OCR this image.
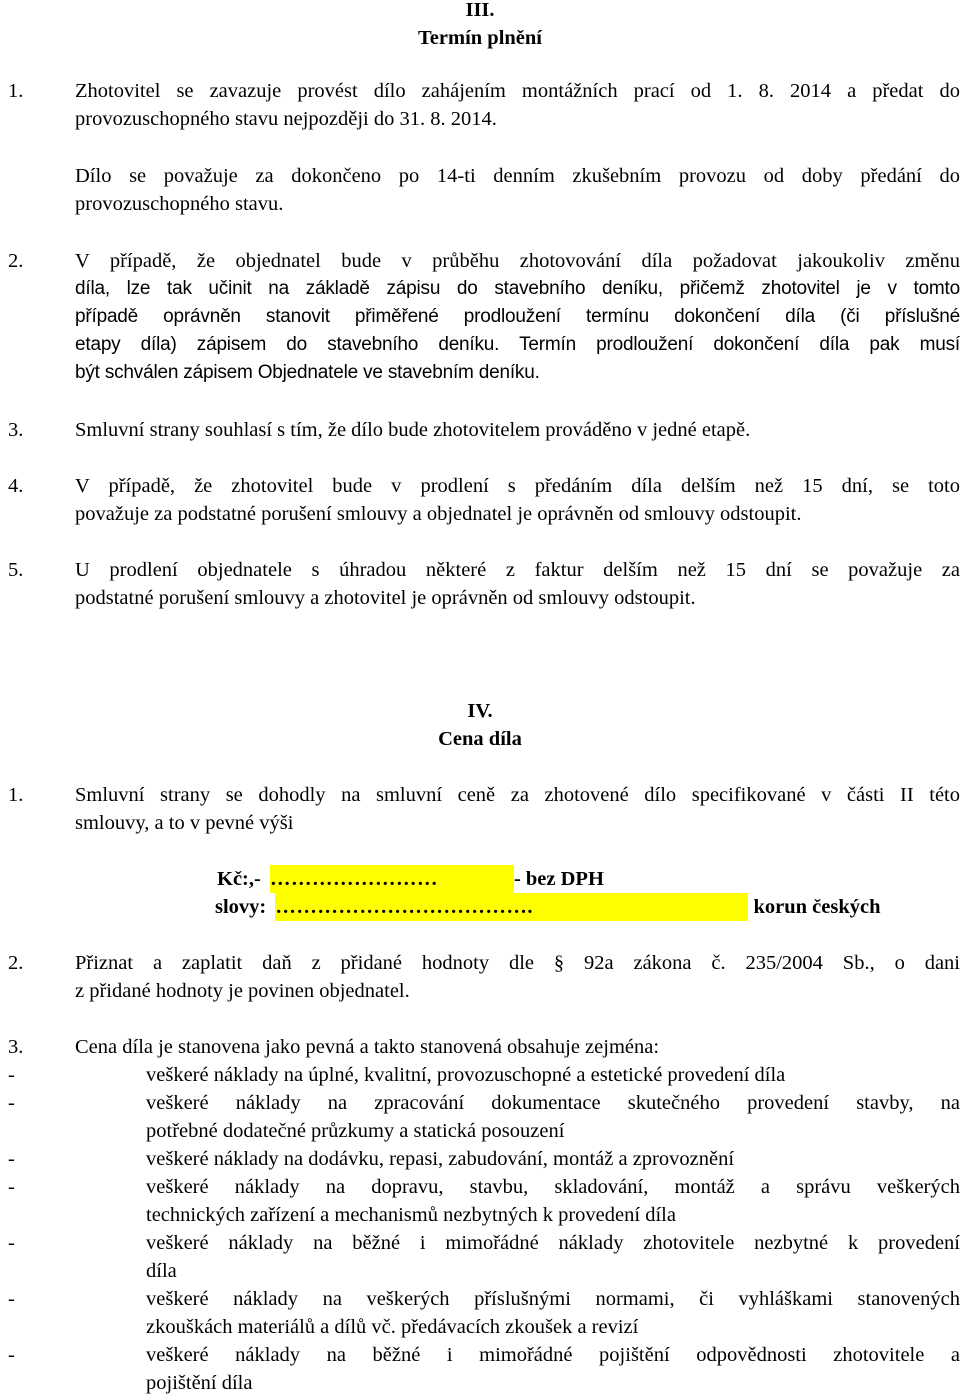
III.
Termín plnění
1.	Zhotovitel se zavazuje provést dílo zahájením montážních prací od 1. 8. 2014 a předat do
provozuschopného stavu nejpozději do 31. 8. 2014.
Dílo se považuje za dokončeno po 14-ti denním zkušebním provozu od doby předání do
provozuschopného stavu.
2.	V případě, že objednatel bude v průběhu zhotovování díla požadovat jakoukoliv změnu
díla, lze tak učinit na základě zápisu do stavebního deníku, přičemž zhotovitel je v tomto
případě oprávněn stanovit přiměřené prodloužení termínu dokončení díla (či příslušné
etapy díla) zápisem do stavebního deníku. Termín prodloužení dokončení díla pak musí
být schválen zápisem Objednatele ve stavebním deníku.
3.	Smluvní strany souhlasí s tím, že dílo bude zhotovitelem prováděno v jedné etapě.
4.	V případě, že zhotovitel bude v prodlení s předáním díla delším než 15 dní, se toto
považuje za podstatné porušení smlouvy a objednatel je oprávněn od smlouvy odstoupit.
5.	U prodlení objednatele s úhradou některé z faktur delším než 15 dní se považuje za
podstatné porušení smlouvy a zhotovitel je oprávněn od smlouvy odstoupit.
IV.
Cena díla
1.	Smluvní strany se dohodly na smluvní ceně za zhotovené dílo specifikované v části II této
smlouvy, a to v pevné výši
Kč:,- ……………………	- bez DPH
slovy: ……………………………….	korun českých
2.	Přiznat a zaplatit daň z přidané hodnoty dle § 92a zákona č. 235/2004 Sb., o dani
z přidané hodnoty je povinen objednatel.
3.	Cena díla je stanovena jako pevná a takto stanovená obsahuje zejména:
-	veškeré náklady na úplné, kvalitní, provozuschopné a estetické provedení díla
-	veškeré náklady na zpracování dokumentace skutečného provedení stavby, na
potřebné dodatečné průzkumy a statická posouzení
-	veškeré náklady na dodávku, repasi, zabudování, montáž a zprovoznění
-	veškeré náklady na dopravu, stavbu, skladování, montáž a správu veškerých
technických zařízení a mechanismů nezbytných k provedení díla
-	veškeré náklady na běžné i mimořádné náklady zhotovitele nezbytné k provedení
díla
-	veškeré náklady na veškerých příslušnými normami, či vyhláškami stanovených
zkouškách materiálů a dílů vč. předávacích zkoušek a revizí
-	veškeré náklady na běžné i mimořádné pojištění odpovědnosti zhotovitele a
pojištění díla
